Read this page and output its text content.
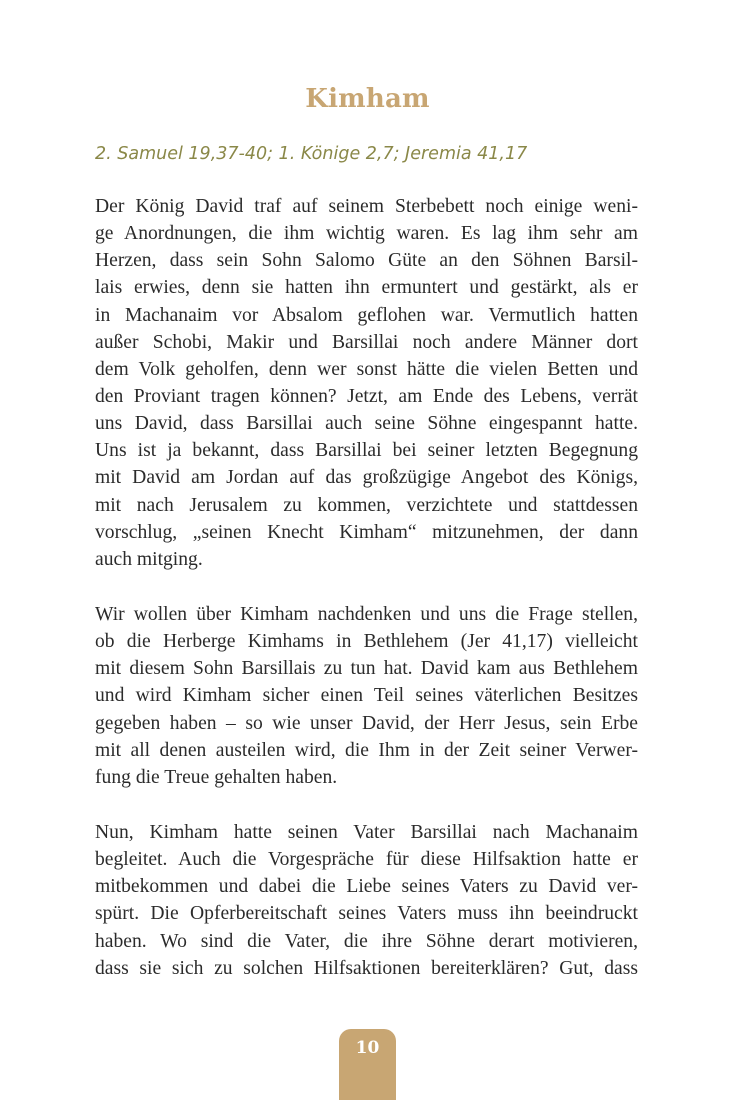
Kimham

2. Samuel 19,37-40; 1. Könige 2,7; Jeremia 41,17

Der König David traf auf seinem Sterbebett noch einige weni-
ge Anordnungen, die ihm wichtig waren. Es lag ihm sehr am
Herzen, dass sein Sohn Salomo Güte an den Söhnen Barsil-
lais erwies, denn sie hatten ihn ermuntert und gestärkt, als er
in Machanaim vor Absalom geflohen war. Vermutlich hatten
außer Schobi, Makir und Barsillai noch andere Männer dort
dem Volk geholfen, denn wer sonst hätte die vielen Betten und
den Proviant tragen können? Jetzt, am Ende des Lebens, verrät
uns David, dass Barsillai auch seine Söhne eingespannt hatte.
Uns ist ja bekannt, dass Barsillai bei seiner letzten Begegnung
mit David am Jordan auf das großzügige Angebot des Königs,
mit nach Jerusalem zu kommen, verzichtete und stattdessen
vorschlug, „seinen Knecht Kimham“ mitzunehmen, der dann
auch mitging.
Wir wollen über Kimham nachdenken und uns die Frage stellen,
ob die Herberge Kimhams in Bethlehem (Jer 41,17) vielleicht
mit diesem Sohn Barsillais zu tun hat. David kam aus Bethlehem
und wird Kimham sicher einen Teil seines väterlichen Besitzes
gegeben haben – so wie unser David, der Herr Jesus, sein Erbe
mit all denen austeilen wird, die Ihm in der Zeit seiner Verwer-
fung die Treue gehalten haben.
Nun, Kimham hatte seinen Vater Barsillai nach Machanaim
begleitet. Auch die Vorgespräche für diese Hilfsaktion hatte er
mitbekommen und dabei die Liebe seines Vaters zu David ver-
spürt. Die Opferbereitschaft seines Vaters muss ihn beeindruckt
haben. Wo sind die Vater, die ihre Söhne derart motivieren,
dass sie sich zu solchen Hilfsaktionen bereiterklären? Gut, dass
10
